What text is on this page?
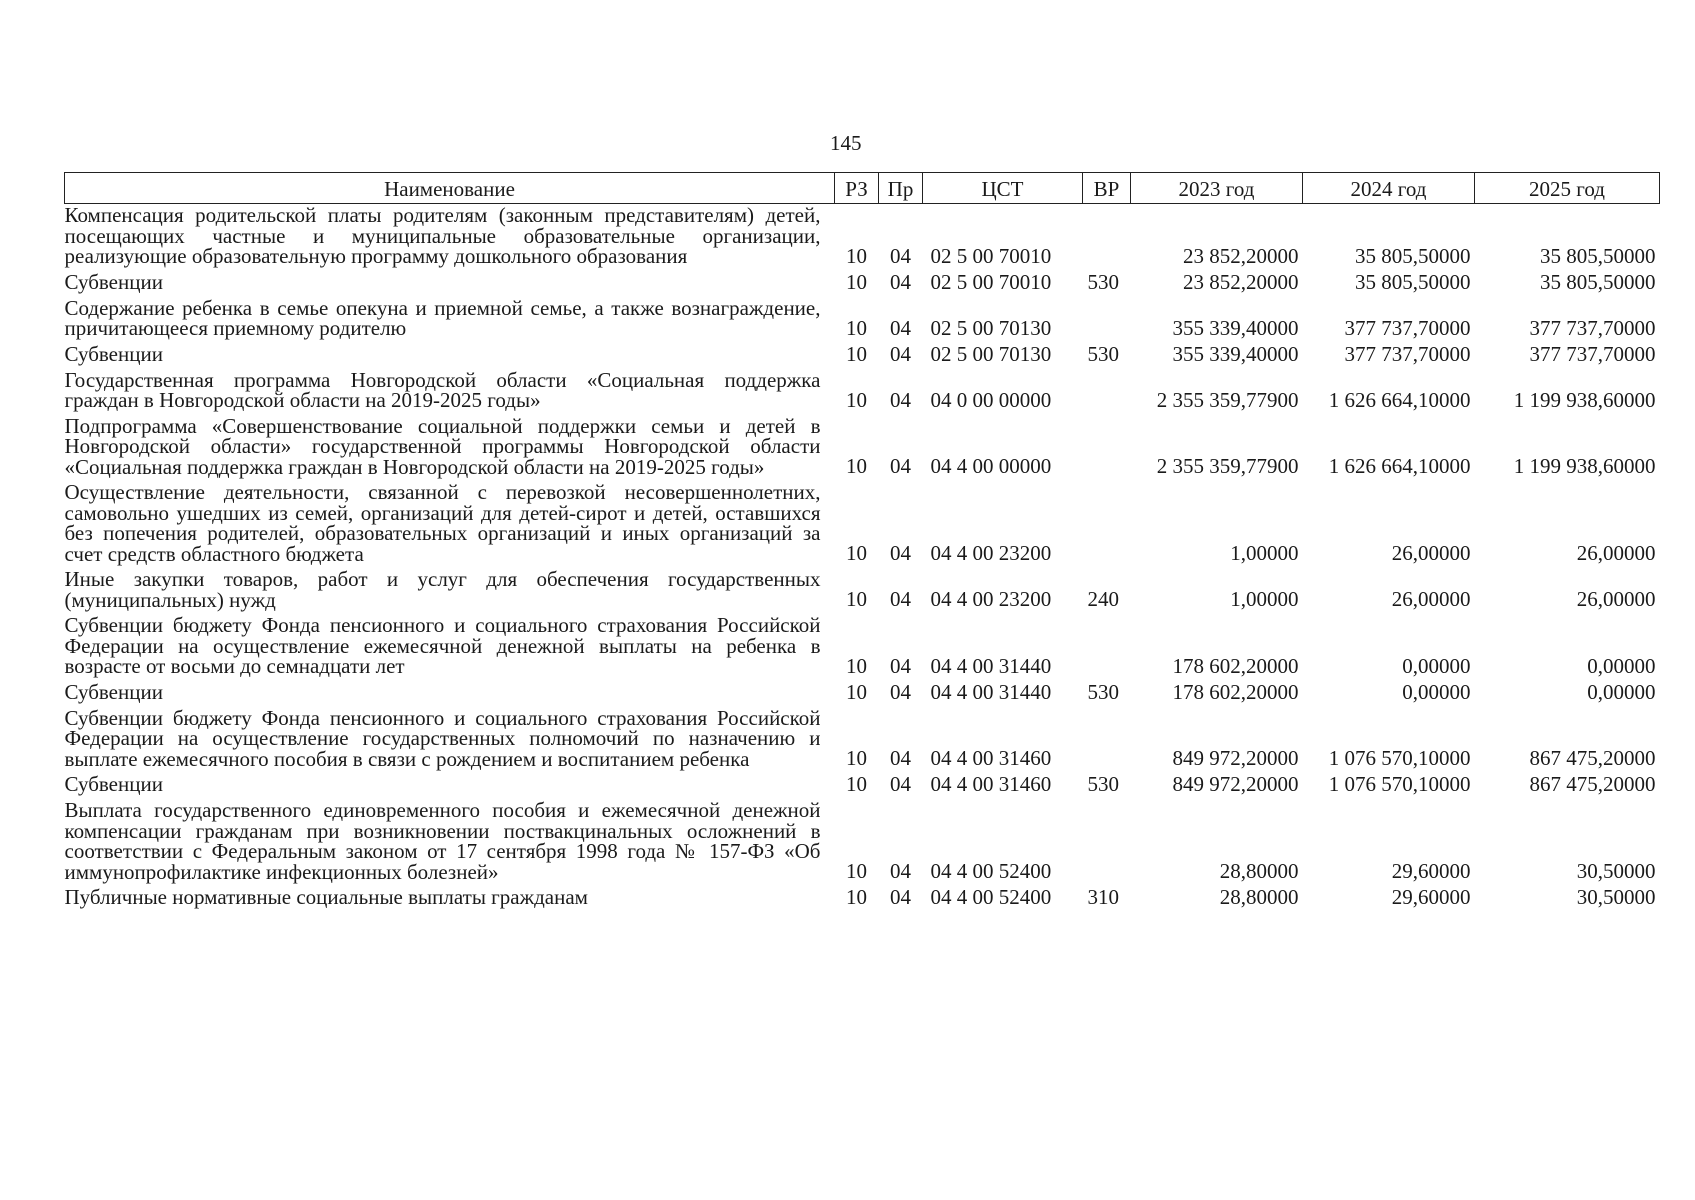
145
Наименование	РЗ	Пр	ЦСТ	ВР	2023 год	2024 год	2025 год
Компенсация родительской платы родителям (законным представителям) детей, посещающих частные и муниципальные образовательные организации, реализующие образовательную программу дошкольного образования	10	04	02 5 00 70010		23 852,20000	35 805,50000	35 805,50000
Субвенции	10	04	02 5 00 70010	530	23 852,20000	35 805,50000	35 805,50000
Содержание ребенка в семье опекуна и приемной семье, а также вознаграждение, причитающееся приемному родителю	10	04	02 5 00 70130		355 339,40000	377 737,70000	377 737,70000
Субвенции	10	04	02 5 00 70130	530	355 339,40000	377 737,70000	377 737,70000
Государственная программа Новгородской области «Социальная поддержка граждан в Новгородской области на 2019-2025 годы»	10	04	04 0 00 00000		2 355 359,77900	1 626 664,10000	1 199 938,60000
Подпрограмма «Совершенствование социальной поддержки семьи и детей в Новгородской области» государственной программы Новгородской области «Социальная поддержка граждан в Новгородской области на 2019-2025 годы»	10	04	04 4 00 00000		2 355 359,77900	1 626 664,10000	1 199 938,60000
Осуществление деятельности, связанной с перевозкой несовершеннолетних, самовольно ушедших из семей, организаций для детей-сирот и детей, оставшихся без попечения родителей, образовательных организаций и иных организаций за счет средств областного бюджета	10	04	04 4 00 23200		1,00000	26,00000	26,00000
Иные закупки товаров, работ и услуг для обеспечения государственных (муниципальных) нужд	10	04	04 4 00 23200	240	1,00000	26,00000	26,00000
Субвенции бюджету Фонда пенсионного и социального страхования Российской Федерации на осуществление ежемесячной денежной выплаты на ребенка в возрасте от восьми до семнадцати лет	10	04	04 4 00 31440		178 602,20000	0,00000	0,00000
Субвенции	10	04	04 4 00 31440	530	178 602,20000	0,00000	0,00000
Субвенции бюджету Фонда пенсионного и социального страхования Российской Федерации на осуществление государственных полномочий по назначению и выплате ежемесячного пособия в связи с рождением и воспитанием ребенка	10	04	04 4 00 31460		849 972,20000	1 076 570,10000	867 475,20000
Субвенции	10	04	04 4 00 31460	530	849 972,20000	1 076 570,10000	867 475,20000
Выплата государственного единовременного пособия и ежемесячной денежной компенсации гражданам при возникновении поствакцинальных осложнений в соответствии с Федеральным законом от 17 сентября 1998 года № 157-ФЗ «Об иммунопрофилактике инфекционных болезней»	10	04	04 4 00 52400		28,80000	29,60000	30,50000
Публичные нормативные социальные выплаты гражданам	10	04	04 4 00 52400	310	28,80000	29,60000	30,50000
